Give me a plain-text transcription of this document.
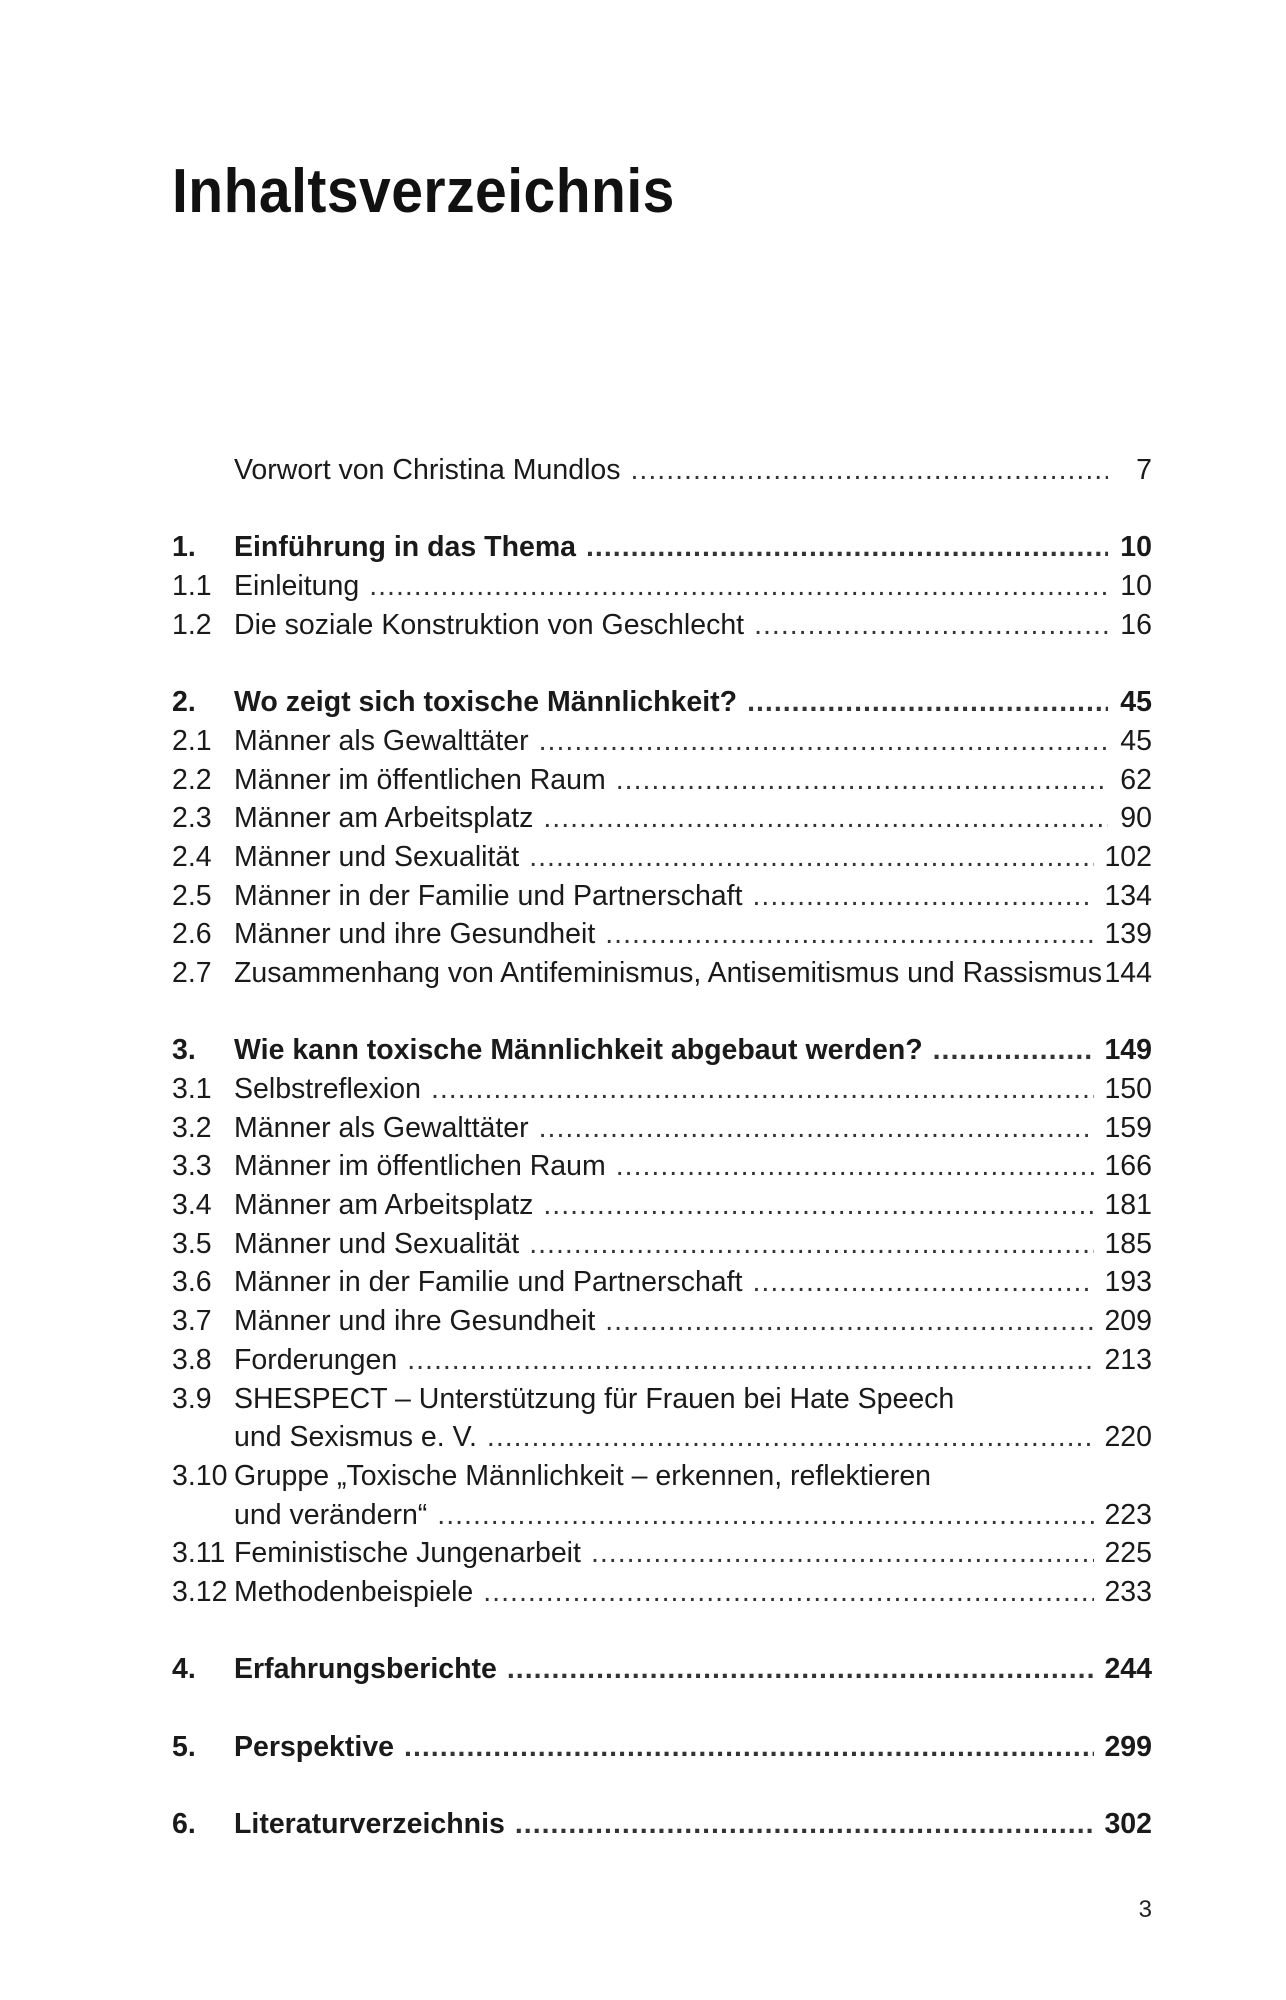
Inhaltsverzeichnis
Vorwort von Christina Mundlos .....	7
1.	Einführung in das Thema .....	10
1.1 Einleitung .....	10
1.2 Die soziale Konstruktion von Geschlecht .....	16
2.	Wo zeigt sich toxische Männlichkeit? .....	45
2.1 Männer als Gewalttäter .....	45
2.2 Männer im öffentlichen Raum .....	62
2.3 Männer am Arbeitsplatz .....	90
2.4 Männer und Sexualität .....	102
2.5 Männer in der Familie und Partnerschaft .....	134
2.6 Männer und ihre Gesundheit .....	139
2.7 Zusammenhang von Antifeminismus, Antisemitismus und Rassismus 144
3.	Wie kann toxische Männlichkeit abgebaut werden? .....	149
3.1 Selbstreflexion .....	150
3.2 Männer als Gewalttäter .....	159
3.3 Männer im öffentlichen Raum .....	166
3.4 Männer am Arbeitsplatz .....	181
3.5 Männer und Sexualität .....	185
3.6 Männer in der Familie und Partnerschaft .....	193
3.7 Männer und ihre Gesundheit .....	209
3.8 Forderungen .....	213
3.9 SHESPECT – Unterstützung für Frauen bei Hate Speech
und Sexismus e. V. .....	220
3.10 Gruppe „Toxische Männlichkeit – erkennen, reflektieren
und verändern“ .....	223
3.11 Feministische Jungenarbeit .....	225
3.12 Methodenbeispiele .....	233
4.	Erfahrungsberichte .....	244
5.	Perspektive .....	299
6.	Literaturverzeichnis .....	302
3
